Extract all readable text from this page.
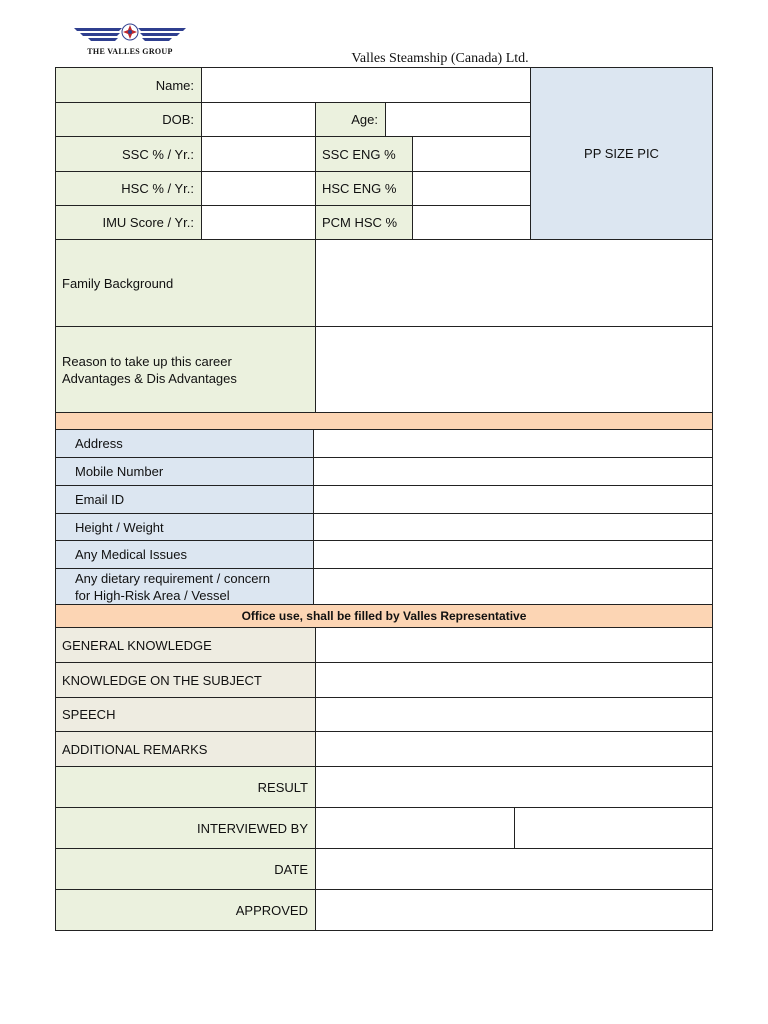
THE VALLES GROUP	Valles Steamship (Canada) Ltd.
Name:
PP SIZE PIC
DOB:	Age:
SSC % / Yr.:	SSC ENG %
HSC % / Yr.:	HSC ENG %
IMU Score / Yr.:	PCM HSC %
Family Background
Reason to take up this career
Advantages & Dis Advantages
Address
Mobile Number
Email ID
Height / Weight
Any Medical Issues
Any dietary requirement / concern
for High-Risk Area / Vessel
Office use, shall be filled by Valles Representative
GENERAL KNOWLEDGE
KNOWLEDGE ON THE SUBJECT
SPEECH
ADDITIONAL REMARKS
RESULT
INTERVIEWED BY
DATE
APPROVED
